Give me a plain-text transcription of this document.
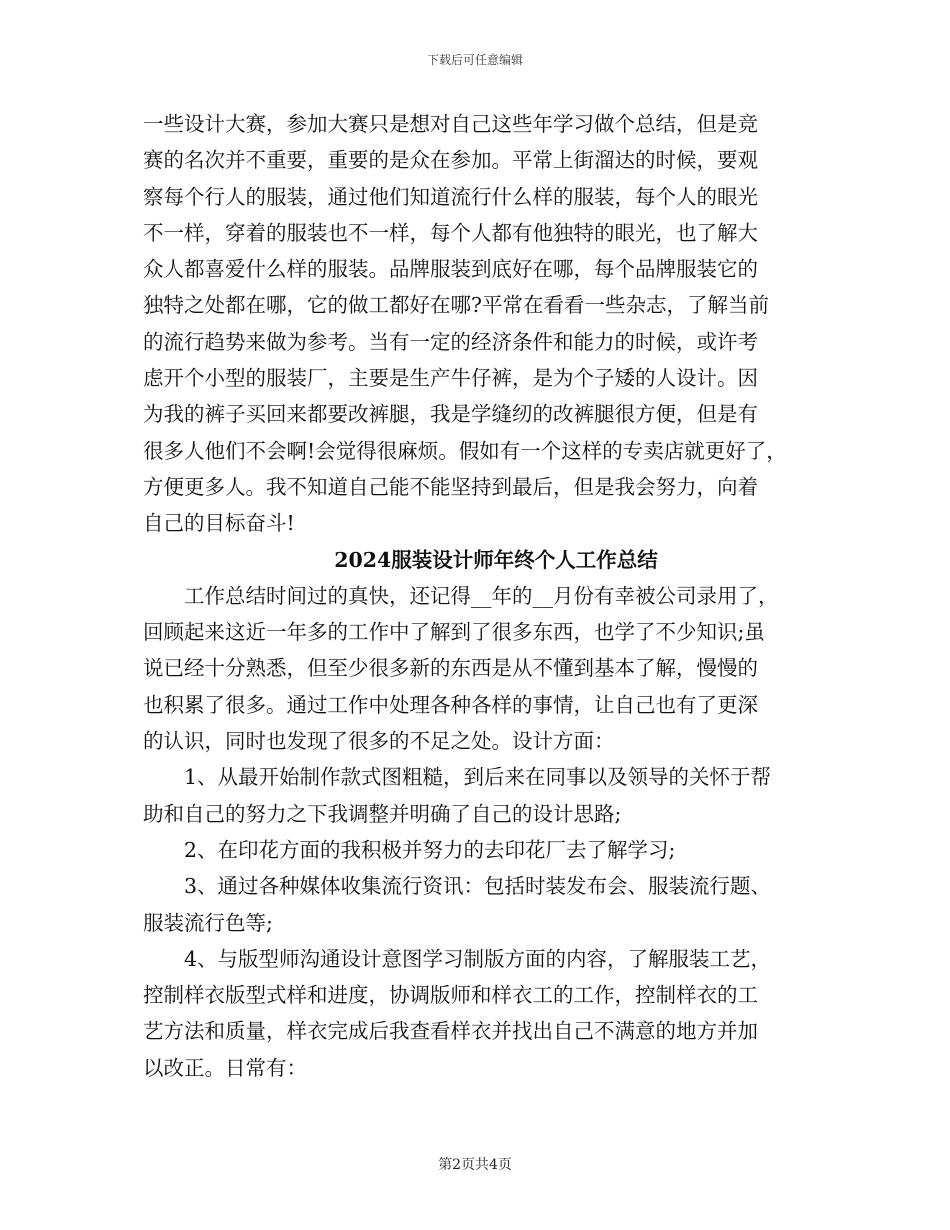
下载后可任意编辑
一些设计大赛，参加大赛只是想对自己这些年学习做个总结，但是竞
赛的名次并不重要，重要的是众在参加。平常上街溜达的时候，要观
察每个行人的服装，通过他们知道流行什么样的服装，每个人的眼光
不一样，穿着的服装也不一样，每个人都有他独特的眼光，也了解大
众人都喜爱什么样的服装。品牌服装到底好在哪，每个品牌服装它的
独特之处都在哪，它的做工都好在哪?平常在看看一些杂志，了解当前
的流行趋势来做为参考。当有一定的经济条件和能力的时候，或许考
虑开个小型的服装厂，主要是生产牛仔裤，是为个子矮的人设计。因
为我的裤子买回来都要改裤腿，我是学缝纫的改裤腿很方便，但是有
很多人他们不会啊!会觉得很麻烦。假如有一个这样的专卖店就更好了，
方便更多人。我不知道自己能不能坚持到最后，但是我会努力，向着
自己的目标奋斗!
2024服装设计师年终个人工作总结
工作总结时间过的真快，还记得__年的__月份有幸被公司录用了，
回顾起来这近一年多的工作中了解到了很多东西，也学了不少知识;虽
说已经十分熟悉，但至少很多新的东西是从不懂到基本了解，慢慢的
也积累了很多。通过工作中处理各种各样的事情，让自己也有了更深
的认识，同时也发现了很多的不足之处。设计方面：
1、从最开始制作款式图粗糙，到后来在同事以及领导的关怀于帮
助和自己的努力之下我调整并明确了自己的设计思路;
2、在印花方面的我积极并努力的去印花厂去了解学习;
3、通过各种媒体收集流行资讯：包括时装发布会、服装流行题、
服装流行色等;
4、与版型师沟通设计意图学习制版方面的内容，了解服装工艺，
控制样衣版型式样和进度，协调版师和样衣工的工作，控制样衣的工
艺方法和质量，样衣完成后我查看样衣并找出自己不满意的地方并加
以改正。日常有：
第2页共4页
